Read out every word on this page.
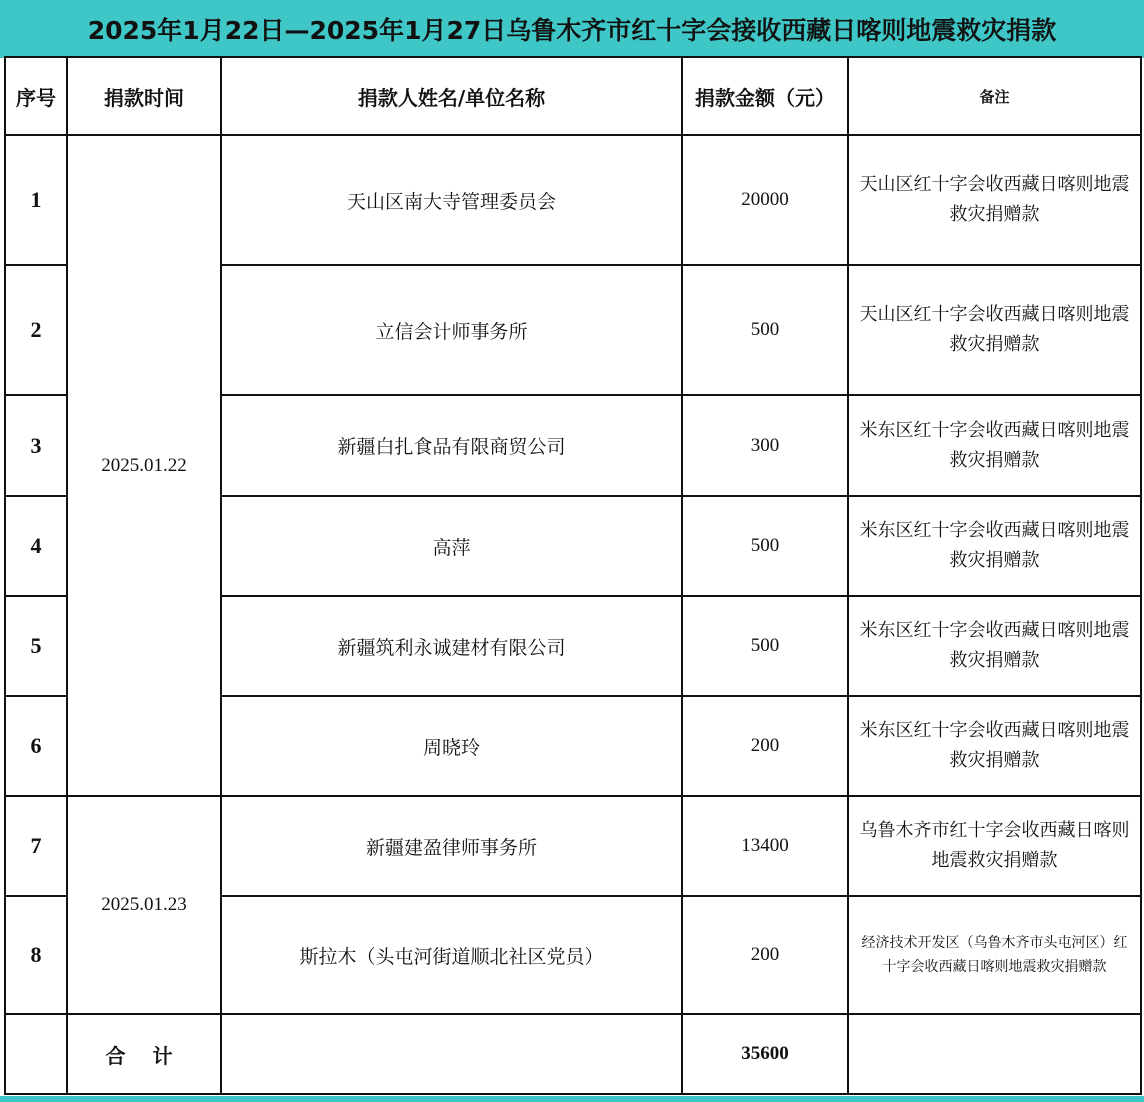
2025年1月22日—2025年1月27日乌鲁木齐市红十字会接收西藏日喀则地震救灾捐款
序号	捐款时间	捐款人姓名/单位名称	捐款金额（元）	备注
1	2025.01.22	天山区南大寺管理委员会	20000	天山区红十字会收西藏日喀则地震救灾捐赠款
2		立信会计师事务所	500	天山区红十字会收西藏日喀则地震救灾捐赠款
3		新疆白扎食品有限商贸公司	300	米东区红十字会收西藏日喀则地震救灾捐赠款
4		高萍	500	米东区红十字会收西藏日喀则地震救灾捐赠款
5		新疆筑利永诚建材有限公司	500	米东区红十字会收西藏日喀则地震救灾捐赠款
6		周晓玲	200	米东区红十字会收西藏日喀则地震救灾捐赠款
7	2025.01.23	新疆建盈律师事务所	13400	乌鲁木齐市红十字会收西藏日喀则地震救灾捐赠款
8		斯拉木（头屯河街道顺北社区党员）	200	经济技术开发区（乌鲁木齐市头屯河区）红十字会收西藏日喀则地震救灾捐赠款
	合 计		35600	
